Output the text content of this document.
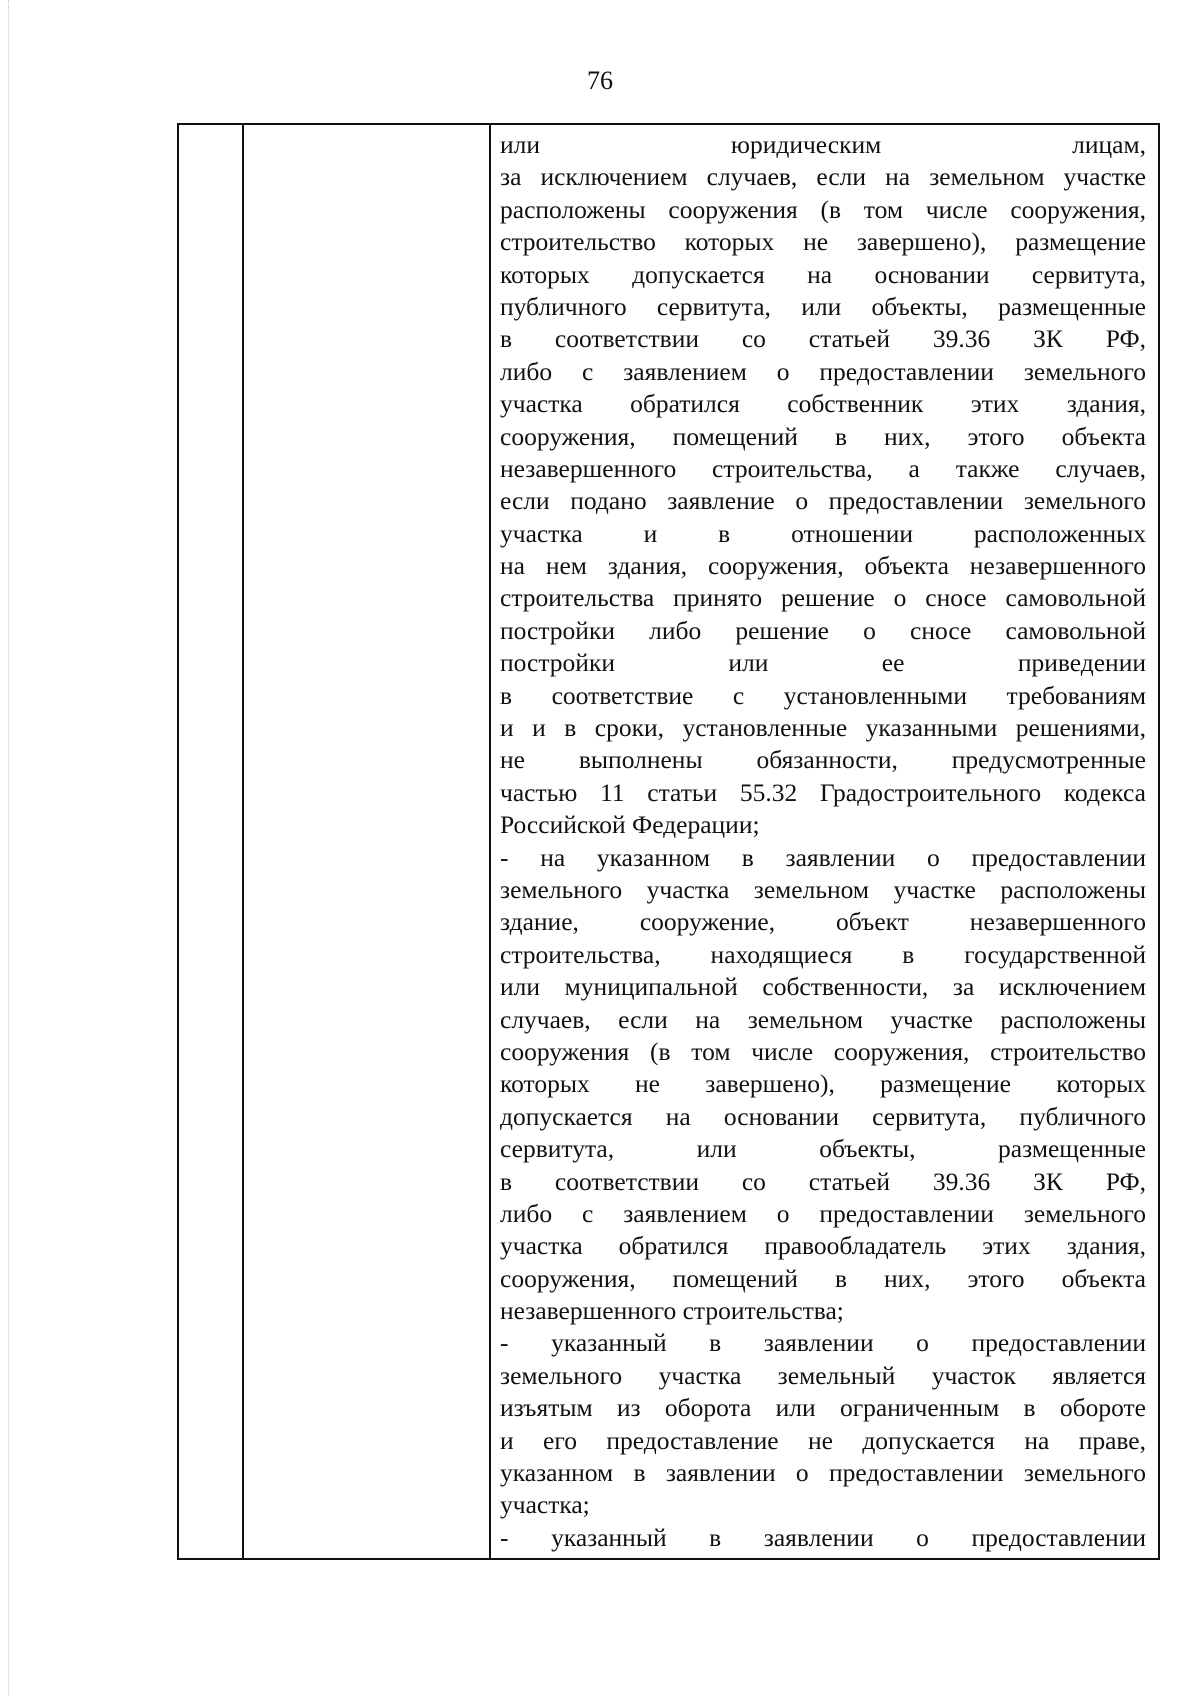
76
или юридическим лицам,
за исключением случаев, если на земельном участке
расположены сооружения (в том числе сооружения,
строительство которых не завершено), размещение
которых допускается на основании сервитута,
публичного сервитута, или объекты, размещенные
в соответствии со статьей 39.36 ЗК РФ,
либо с заявлением о предоставлении земельного
участка обратился собственник этих здания,
сооружения, помещений в них, этого объекта
незавершенного строительства, а также случаев,
если подано заявление о предоставлении земельного
участка и в отношении расположенных
на нем здания, сооружения, объекта незавершенного
строительства принято решение о сносе самовольной
постройки либо решение о сносе самовольной
постройки или ее приведении
в соответствие с установленными требованиям
и и в сроки, установленные указанными решениями,
не выполнены обязанности, предусмотренные
частью 11 статьи 55.32 Градостроительного кодекса
Российской Федерации;
- на указанном в заявлении о предоставлении
земельного участка земельном участке расположены
здание, сооружение, объект незавершенного
строительства, находящиеся в государственной
или муниципальной собственности, за исключением
случаев, если на земельном участке расположены
сооружения (в том числе сооружения, строительство
которых не завершено), размещение которых
допускается на основании сервитута, публичного
сервитута, или объекты, размещенные
в соответствии со статьей 39.36 ЗК РФ,
либо с заявлением о предоставлении земельного
участка обратился правообладатель этих здания,
сооружения, помещений в них, этого объекта
незавершенного строительства;
- указанный в заявлении о предоставлении
земельного участка земельный участок является
изъятым из оборота или ограниченным в обороте
и его предоставление не допускается на праве,
указанном в заявлении о предоставлении земельного
участка;
- указанный в заявлении о предоставлении
